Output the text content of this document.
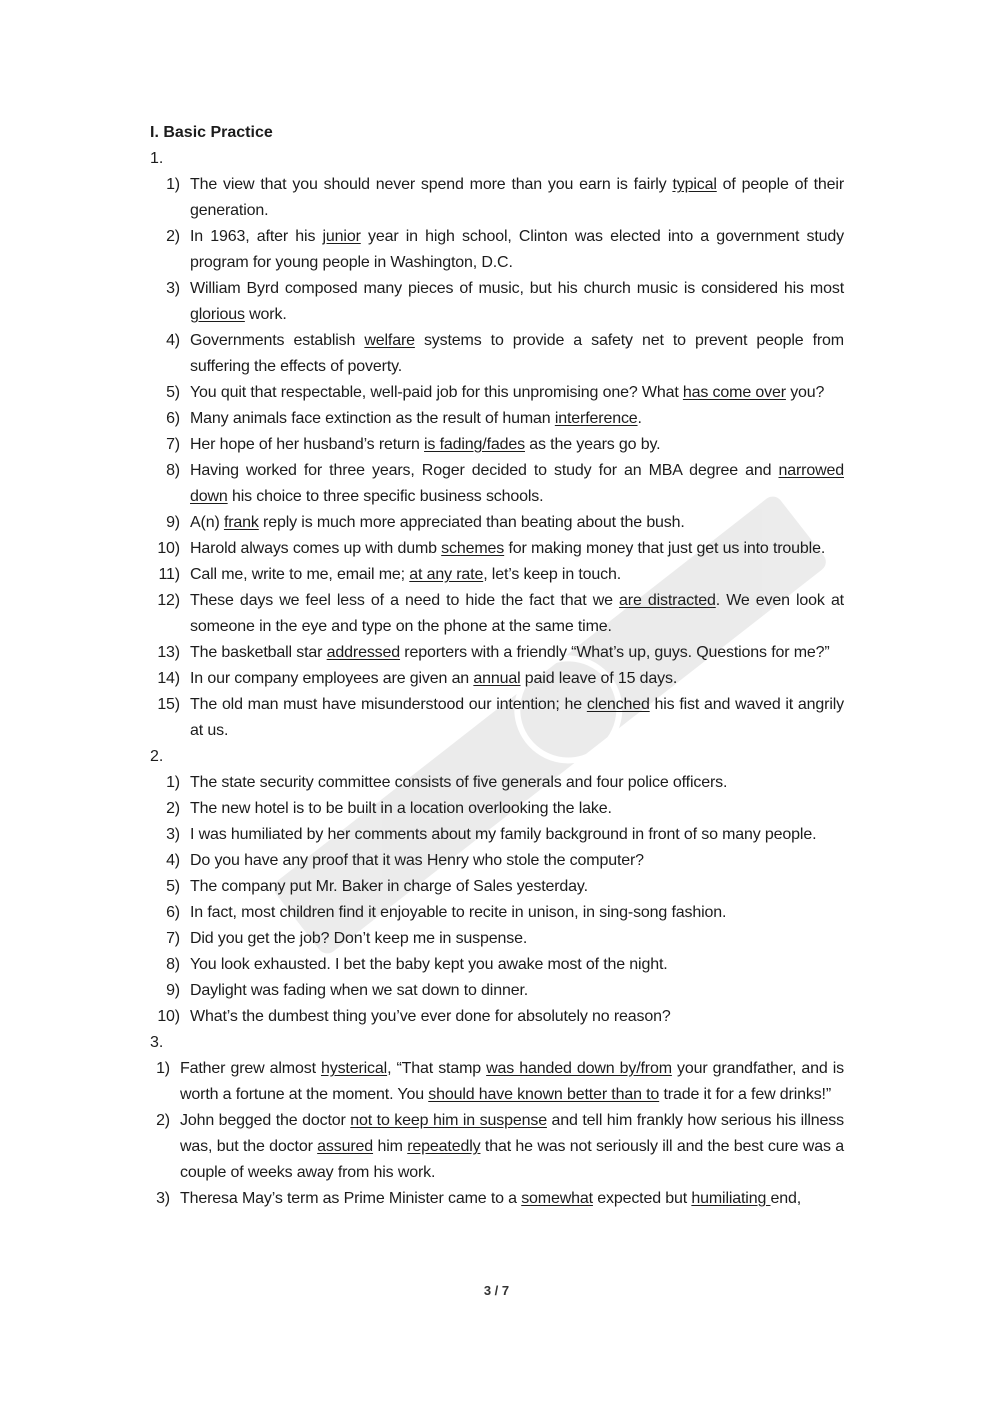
I. Basic Practice
1.
1) The view that you should never spend more than you earn is fairly typical of people of their generation.
2) In 1963, after his junior year in high school, Clinton was elected into a government study program for young people in Washington, D.C.
3) William Byrd composed many pieces of music, but his church music is considered his most glorious work.
4) Governments establish welfare systems to provide a safety net to prevent people from suffering the effects of poverty.
5) You quit that respectable, well-paid job for this unpromising one? What has come over you?
6) Many animals face extinction as the result of human interference.
7) Her hope of her husband’s return is fading/fades as the years go by.
8) Having worked for three years, Roger decided to study for an MBA degree and narrowed down his choice to three specific business schools.
9) A(n) frank reply is much more appreciated than beating about the bush.
10) Harold always comes up with dumb schemes for making money that just get us into trouble.
11) Call me, write to me, email me; at any rate, let’s keep in touch.
12) These days we feel less of a need to hide the fact that we are distracted. We even look at someone in the eye and type on the phone at the same time.
13) The basketball star addressed reporters with a friendly “What’s up, guys. Questions for me?”
14) In our company employees are given an annual paid leave of 15 days.
15) The old man must have misunderstood our intention; he clenched his fist and waved it angrily at us.
2.
1) The state security committee consists of five generals and four police officers.
2) The new hotel is to be built in a location overlooking the lake.
3) I was humiliated by her comments about my family background in front of so many people.
4) Do you have any proof that it was Henry who stole the computer?
5) The company put Mr. Baker in charge of Sales yesterday.
6) In fact, most children find it enjoyable to recite in unison, in sing-song fashion.
7) Did you get the job? Don’t keep me in suspense.
8) You look exhausted. I bet the baby kept you awake most of the night.
9) Daylight was fading when we sat down to dinner.
10) What’s the dumbest thing you’ve ever done for absolutely no reason?
3.
1) Father grew almost hysterical, “That stamp was handed down by/from your grandfather, and is worth a fortune at the moment. You should have known better than to trade it for a few drinks!”
2) John begged the doctor not to keep him in suspense and tell him frankly how serious his illness was, but the doctor assured him repeatedly that he was not seriously ill and the best cure was a couple of weeks away from his work.
3) Theresa May’s term as Prime Minister came to a somewhat expected but humiliating end,
3 / 7
